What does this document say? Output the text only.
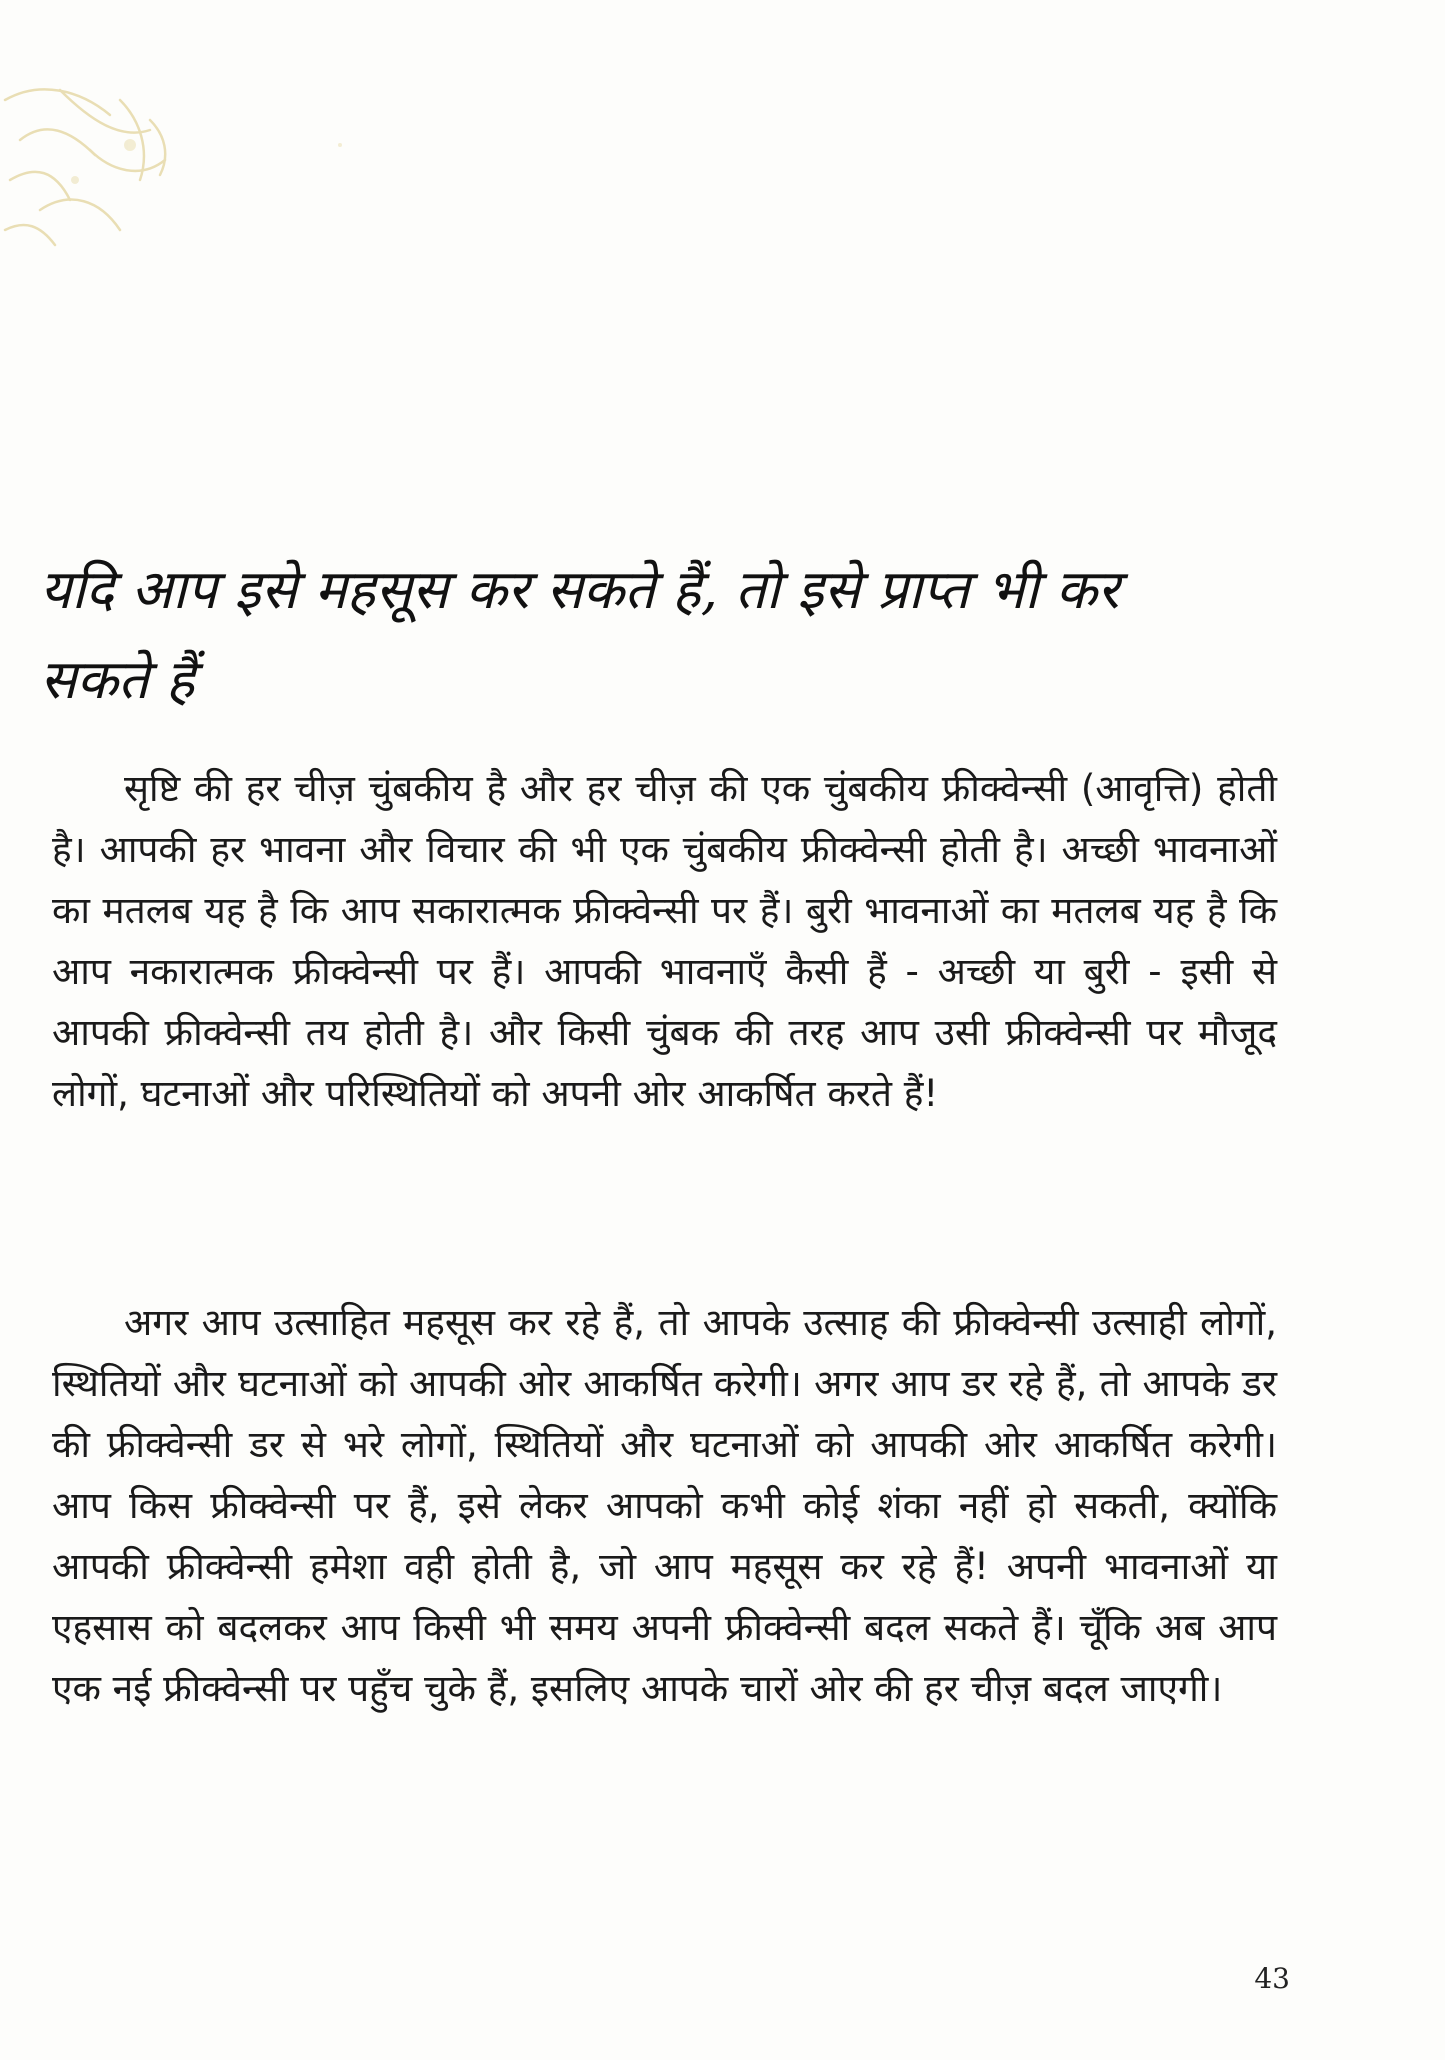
यदि आप इसे महसूस कर सकते हैं, तो इसे प्राप्त भी कर सकते हैं

सृष्टि की हर चीज़ चुंबकीय है और हर चीज़ की एक चुंबकीय फ्रीक्वेन्सी (आवृत्ति) होती है। आपकी हर भावना और विचार की भी एक चुंबकीय फ्रीक्वेन्सी होती है। अच्छी भावनाओं का मतलब यह है कि आप सकारात्मक फ्रीक्वेन्सी पर हैं। बुरी भावनाओं का मतलब यह है कि आप नकारात्मक फ्रीक्वेन्सी पर हैं। आपकी भावनाएँ कैसी हैं - अच्छी या बुरी - इसी से आपकी फ्रीक्वेन्सी तय होती है। और किसी चुंबक की तरह आप उसी फ्रीक्वेन्सी पर मौजूद लोगों, घटनाओं और परिस्थितियों को अपनी ओर आकर्षित करते हैं!

अगर आप उत्साहित महसूस कर रहे हैं, तो आपके उत्साह की फ्रीक्वेन्सी उत्साही लोगों, स्थितियों और घटनाओं को आपकी ओर आकर्षित करेगी। अगर आप डर रहे हैं, तो आपके डर की फ्रीक्वेन्सी डर से भरे लोगों, स्थितियों और घटनाओं को आपकी ओर आकर्षित करेगी। आप किस फ्रीक्वेन्सी पर हैं, इसे लेकर आपको कभी कोई शंका नहीं हो सकती, क्योंकि आपकी फ्रीक्वेन्सी हमेशा वही होती है, जो आप महसूस कर रहे हैं! अपनी भावनाओं या एहसास को बदलकर आप किसी भी समय अपनी फ्रीक्वेन्सी बदल सकते हैं। चूँकि अब आप एक नई फ्रीक्वेन्सी पर पहुँच चुके हैं, इसलिए आपके चारों ओर की हर चीज़ बदल जाएगी।

43
